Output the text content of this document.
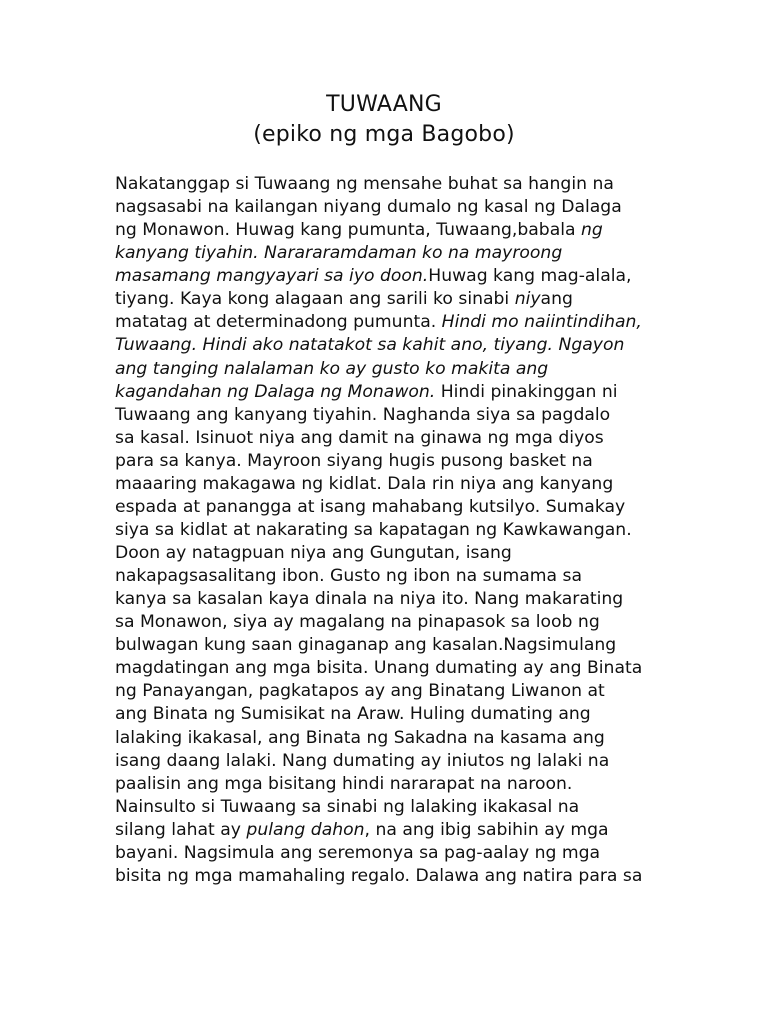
TUWAANG
(epiko ng mga Bagobo)
Nakatanggap si Tuwaang ng mensahe buhat sa hangin na
nagsasabi na kailangan niyang dumalo ng kasal ng Dalaga
ng Monawon. Huwag kang pumunta, Tuwaang,babala ng
kanyang tiyahin. Narararamdaman ko na mayroong
masamang mangyayari sa iyo doon.Huwag kang mag-alala,
tiyang. Kaya kong alagaan ang sarili ko sinabi niyang
matatag at determinadong pumunta. Hindi mo naiintindihan,
Tuwaang. Hindi ako natatakot sa kahit ano, tiyang. Ngayon
ang tanging nalalaman ko ay gusto ko makita ang
kagandahan ng Dalaga ng Monawon. Hindi pinakinggan ni
Tuwaang ang kanyang tiyahin. Naghanda siya sa pagdalo
sa kasal. Isinuot niya ang damit na ginawa ng mga diyos
para sa kanya. Mayroon siyang hugis pusong basket na
maaaring makagawa ng kidlat. Dala rin niya ang kanyang
espada at panangga at isang mahabang kutsilyo. Sumakay
siya sa kidlat at nakarating sa kapatagan ng Kawkawangan.
Doon ay natagpuan niya ang Gungutan, isang
nakapagsasalitang ibon. Gusto ng ibon na sumama sa
kanya sa kasalan kaya dinala na niya ito. Nang makarating
sa Monawon, siya ay magalang na pinapasok sa loob ng
bulwagan kung saan ginaganap ang kasalan.Nagsimulang
magdatingan ang mga bisita. Unang dumating ay ang Binata
ng Panayangan, pagkatapos ay ang Binatang Liwanon at
ang Binata ng Sumisikat na Araw. Huling dumating ang
lalaking ikakasal, ang Binata ng Sakadna na kasama ang
isang daang lalaki. Nang dumating ay iniutos ng lalaki na
paalisin ang mga bisitang hindi nararapat na naroon.
Nainsulto si Tuwaang sa sinabi ng lalaking ikakasal na
silang lahat ay pulang dahon, na ang ibig sabihin ay mga
bayani. Nagsimula ang seremonya sa pag-aalay ng mga
bisita ng mga mamahaling regalo. Dalawa ang natira para sa
